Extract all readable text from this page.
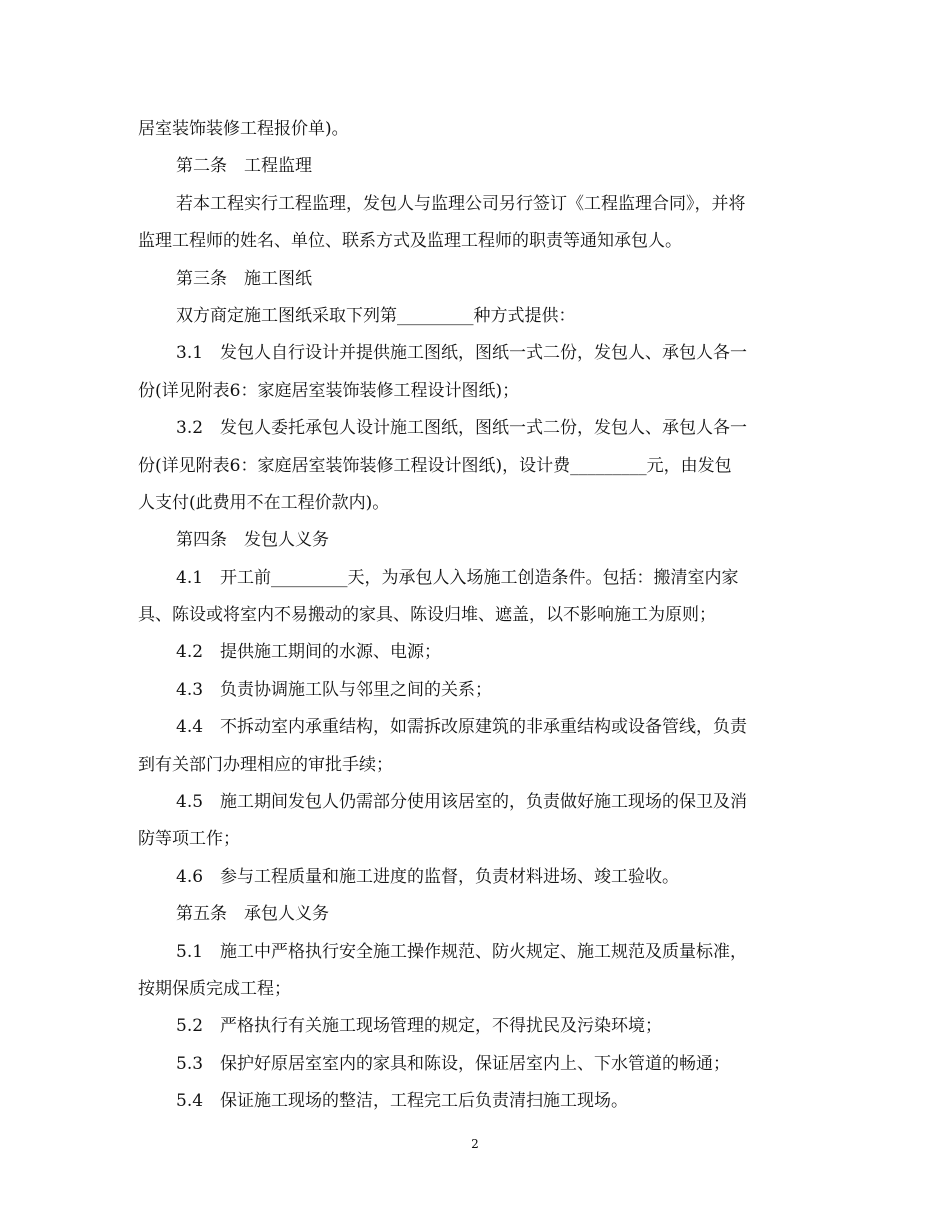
居室装饰装修工程报价单)。
第二条　工程监理
若本工程实行工程监理，发包人与监理公司另行签订《工程监理合同》，并将
监理工程师的姓名、单位、联系方式及监理工程师的职责等通知承包人。
第三条　施工图纸
双方商定施工图纸采取下列第_________种方式提供：
3.1　发包人自行设计并提供施工图纸，图纸一式二份，发包人、承包人各一
份(详见附表6：家庭居室装饰装修工程设计图纸)；
3.2　发包人委托承包人设计施工图纸，图纸一式二份，发包人、承包人各一
份(详见附表6：家庭居室装饰装修工程设计图纸)，设计费_________元，由发包
人支付(此费用不在工程价款内)。
第四条　发包人义务
4.1　开工前_________天，为承包人入场施工创造条件。包括：搬清室内家
具、陈设或将室内不易搬动的家具、陈设归堆、遮盖，以不影响施工为原则；
4.2　提供施工期间的水源、电源；
4.3　负责协调施工队与邻里之间的关系；
4.4　不拆动室内承重结构，如需拆改原建筑的非承重结构或设备管线，负责
到有关部门办理相应的审批手续；
4.5　施工期间发包人仍需部分使用该居室的，负责做好施工现场的保卫及消
防等项工作；
4.6　参与工程质量和施工进度的监督，负责材料进场、竣工验收。
第五条　承包人义务
5.1　施工中严格执行安全施工操作规范、防火规定、施工规范及质量标准，
按期保质完成工程；
5.2　严格执行有关施工现场管理的规定，不得扰民及污染环境；
5.3　保护好原居室室内的家具和陈设，保证居室内上、下水管道的畅通；
5.4　保证施工现场的整洁，工程完工后负责清扫施工现场。
2
